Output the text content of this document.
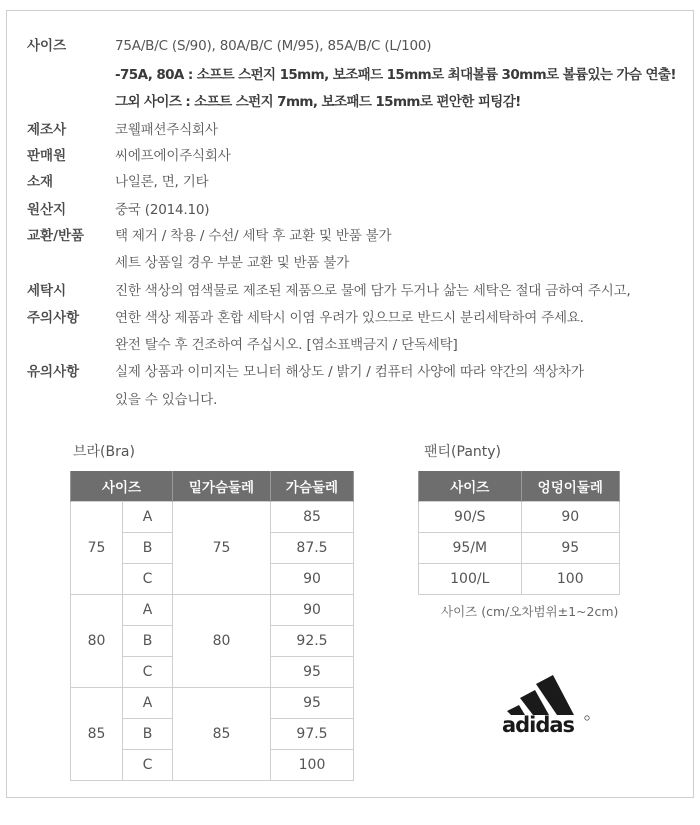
사이즈	75A/B/C (S/90), 80A/B/C (M/95), 85A/B/C (L/100)
-75A, 80A : 소프트 스펀지 15mm, 보조패드 15mm로 최대볼륨 30mm로 볼륨있는 가슴 연출!
그외 사이즈 : 소프트 스펀지 7mm, 보조패드 15mm로 편안한 피팅감!
제조사	코웰패션주식회사
판매원	씨에프에이주식회사
소재	나일론, 면, 기타
원산지	중국 (2014.10)
교환/반품	택 제거 / 착용 / 수선/ 세탁 후 교환 및 반품 불가
세트 상품일 경우 부분 교환 및 반품 불가
세탁시	진한 색상의 염색물로 제조된 제품으로 물에 담가 두거나 삶는 세탁은 절대 금하여 주시고,
주의사항	연한 색상 제품과 혼합 세탁시 이염 우려가 있으므로 반드시 분리세탁하여 주세요.
완전 탈수 후 건조하여 주십시오. [염소표백금지 / 단독세탁]
유의사항	실제 상품과 이미지는 모니터 해상도 / 밝기 / 컴퓨터 사양에 따라 약간의 색상차가
있을 수 있습니다.
브라(Bra)
사이즈		밑가슴둘레	가슴둘레
75	A	75	85
	B		87.5
	C		90
80	A	80	90
	B		92.5
	C		95
85	A	85	95
	B		97.5
	C		100
팬티(Panty)
사이즈	엉덩이둘레
90/S	90
95/M	95
100/L	100
사이즈 (cm/오차범위±1~2cm)
adidas
